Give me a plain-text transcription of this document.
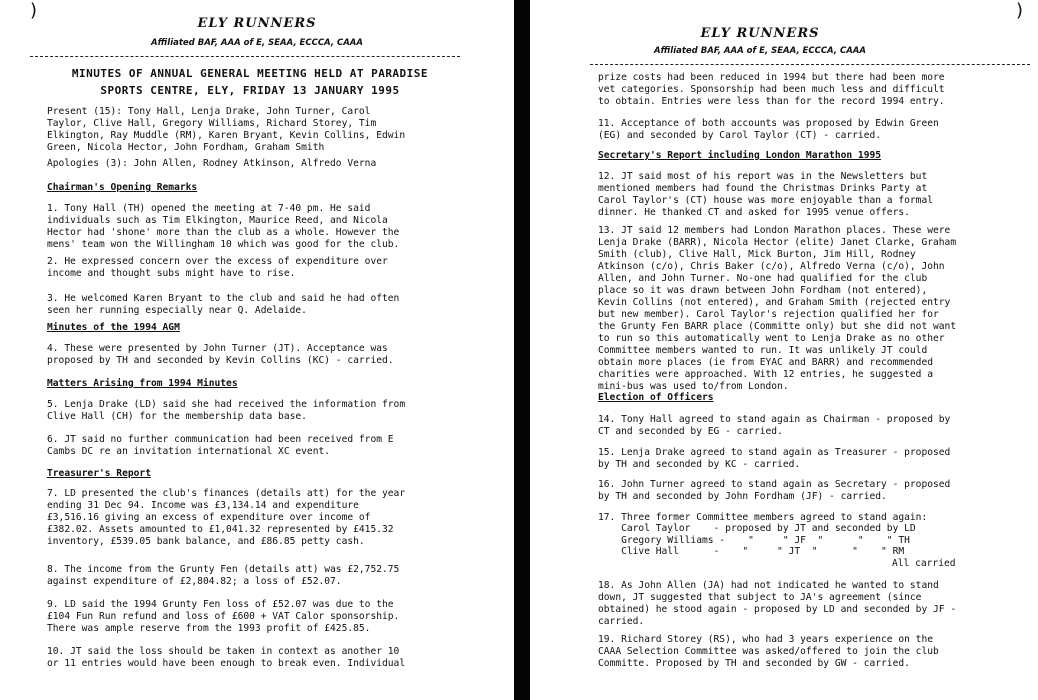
)	)
ELY RUNNERS
Affiliated BAF, AAA of E, SEAA, ECCCA, CAAA
MINUTES OF ANNUAL GENERAL MEETING HELD AT PARADISE
SPORTS CENTRE, ELY, FRIDAY 13 JANUARY 1995
Present (15): Tony Hall, Lenja Drake, John Turner, Carol
Taylor, Clive Hall, Gregory Williams, Richard Storey, Tim
Elkington, Ray Muddle (RM), Karen Bryant, Kevin Collins, Edwin
Green, Nicola Hector, John Fordham, Graham Smith
Apologies (3): John Allen, Rodney Atkinson, Alfredo Verna
Chairman's Opening Remarks
1. Tony Hall (TH) opened the meeting at 7-40 pm. He said
individuals such as Tim Elkington, Maurice Reed, and Nicola
Hector had 'shone' more than the club as a whole. However the
mens' team won the Willingham 10 which was good for the club.
2. He expressed concern over the excess of expenditure over
income and thought subs might have to rise.
3. He welcomed Karen Bryant to the club and said he had often
seen her running especially near Q. Adelaide.
Minutes of the 1994 AGM
4. These were presented by John Turner (JT). Acceptance was
proposed by TH and seconded by Kevin Collins (KC) - carried.
Matters Arising from 1994 Minutes
5. Lenja Drake (LD) said she had received the information from
Clive Hall (CH) for the membership data base.
6. JT said no further communication had been received from E
Cambs DC re an invitation international XC event.
Treasurer's Report
7. LD presented the club's finances (details att) for the year
ending 31 Dec 94. Income was £3,134.14 and expenditure
£3,516.16 giving an excess of expenditure over income of
£382.02. Assets amounted to £1,041.32 represented by £415.32
inventory, £539.05 bank balance, and £86.85 petty cash.
8. The income from the Grunty Fen (details att) was £2,752.75
against expenditure of £2,804.82; a loss of £52.07.
9. LD said the 1994 Grunty Fen loss of £52.07 was due to the
£104 Fun Run refund and loss of £600 + VAT Calor sponsorship.
There was ample reserve from the 1993 profit of £425.85.
10. JT said the loss should be taken in context as another 10
or 11 entries would have been enough to break even. Individual
ELY RUNNERS
Affiliated BAF, AAA of E, SEAA, ECCCA, CAAA
prize costs had been reduced in 1994 but there had been more
vet categories. Sponsorship had been much less and difficult
to obtain. Entries were less than for the record 1994 entry.
11. Acceptance of both accounts was proposed by Edwin Green
(EG) and seconded by Carol Taylor (CT) - carried.
Secretary's Report including London Marathon 1995
12. JT said most of his report was in the Newsletters but
mentioned members had found the Christmas Drinks Party at
Carol Taylor's (CT) house was more enjoyable than a formal
dinner. He thanked CT and asked for 1995 venue offers.
13. JT said 12 members had London Marathon places. These were
Lenja Drake (BARR), Nicola Hector (elite) Janet Clarke, Graham
Smith (club), Clive Hall, Mick Burton, Jim Hill, Rodney
Atkinson (c/o), Chris Baker (c/o), Alfredo Verna (c/o), John
Allen, and John Turner. No-one had qualified for the club
place so it was drawn between John Fordham (not entered),
Kevin Collins (not entered), and Graham Smith (rejected entry
but new member). Carol Taylor's rejection qualified her for
the Grunty Fen BARR place (Committe only) but she did not want
to run so this automatically went to Lenja Drake as no other
Committee members wanted to run. It was unlikely JT could
obtain more places (ie from EYAC and BARR) and recommended
charities were approached. With 12 entries, he suggested a
mini-bus was used to/from London.
Election of Officers
14. Tony Hall agreed to stand again as Chairman - proposed by
CT and seconded by EG - carried.
15. Lenja Drake agreed to stand again as Treasurer - proposed
by TH and seconded by KC - carried.
16. John Turner agreed to stand again as Secretary - proposed
by TH and seconded by John Fordham (JF) - carried.
17. Three former Committee members agreed to stand again:
Carol Taylor    - proposed by JT and seconded by LD
Gregory Williams -    "     " JF  "      "    " TH
Clive Hall      -    "     " JT  "      "    " RM
All carried
18. As John Allen (JA) had not indicated he wanted to stand
down, JT suggested that subject to JA's agreement (since
obtained) he stood again - proposed by LD and seconded by JF -
carried.
19. Richard Storey (RS), who had 3 years experience on the
CAAA Selection Committee was asked/offered to join the club
Committe. Proposed by TH and seconded by GW - carried.
